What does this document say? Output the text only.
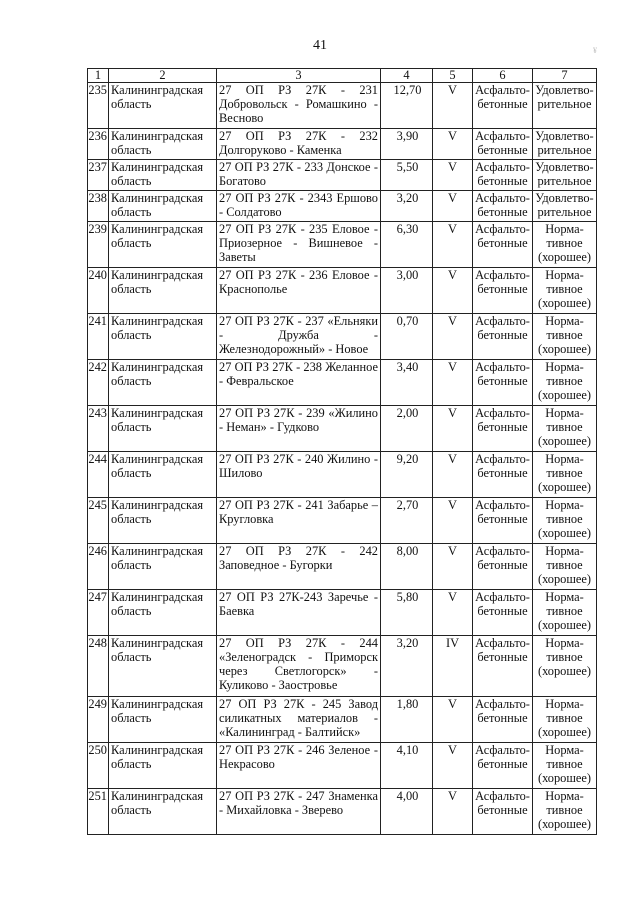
41	¥
1	2	3	4	5	6	7
235	Калининградская область	27 ОП РЗ 27К - 231 Добровольск - Ромашкино - Весново	12,70	V	Асфальто-бетонные	Удовлетво-рительное
236	Калининградская область	27 ОП РЗ 27К - 232 Долгоруково - Каменка	3,90	V	Асфальто-бетонные	Удовлетво-рительное
237	Калининградская область	27 ОП РЗ 27К - 233 Донское - Богатово	5,50	V	Асфальто-бетонные	Удовлетво-рительное
238	Калининградская область	27 ОП РЗ 27К - 2343 Ершово - Солдатово	3,20	V	Асфальто-бетонные	Удовлетво-рительное
239	Калининградская область	27 ОП РЗ 27К - 235 Еловое - Приозерное - Вишневое - Заветы	6,30	V	Асфальто-бетонные	Норма-тивное (хорошее)
240	Калининградская область	27 ОП РЗ 27К - 236 Еловое - Краснополье	3,00	V	Асфальто-бетонные	Норма-тивное (хорошее)
241	Калининградская область	27 ОП РЗ 27К - 237 «Ельняки - Дружба - Железнодорожный» - Новое	0,70	V	Асфальто-бетонные	Норма-тивное (хорошее)
242	Калининградская область	27 ОП РЗ 27К - 238 Желанное - Февральское	3,40	V	Асфальто-бетонные	Норма-тивное (хорошее)
243	Калининградская область	27 ОП РЗ 27К - 239 «Жилино - Неман» - Гудково	2,00	V	Асфальто-бетонные	Норма-тивное (хорошее)
244	Калининградская область	27 ОП РЗ 27К - 240 Жилино - Шилово	9,20	V	Асфальто-бетонные	Норма-тивное (хорошее)
245	Калининградская область	27 ОП РЗ 27К - 241 Забарье – Кругловка	2,70	V	Асфальто-бетонные	Норма-тивное (хорошее)
246	Калининградская область	27 ОП РЗ 27К - 242 Заповедное - Бугорки	8,00	V	Асфальто-бетонные	Норма-тивное (хорошее)
247	Калининградская область	27 ОП РЗ 27К-243 Заречье - Баевка	5,80	V	Асфальто-бетонные	Норма-тивное (хорошее)
248	Калининградская область	27 ОП РЗ 27К - 244 «Зеленоградск - Приморск через Светлогорск» - Куликово - Заостровье	3,20	IV	Асфальто-бетонные	Норма-тивное (хорошее)
249	Калининградская область	27 ОП РЗ 27К - 245 Завод силикатных материалов - «Калининград - Балтийск»	1,80	V	Асфальто-бетонные	Норма-тивное (хорошее)
250	Калининградская область	27 ОП РЗ 27К - 246 Зеленое - Некрасово	4,10	V	Асфальто-бетонные	Норма-тивное (хорошее)
251	Калининградская область	27 ОП РЗ 27К - 247 Знаменка - Михайловка - Зверево	4,00	V	Асфальто-бетонные	Норма-тивное (хорошее)
